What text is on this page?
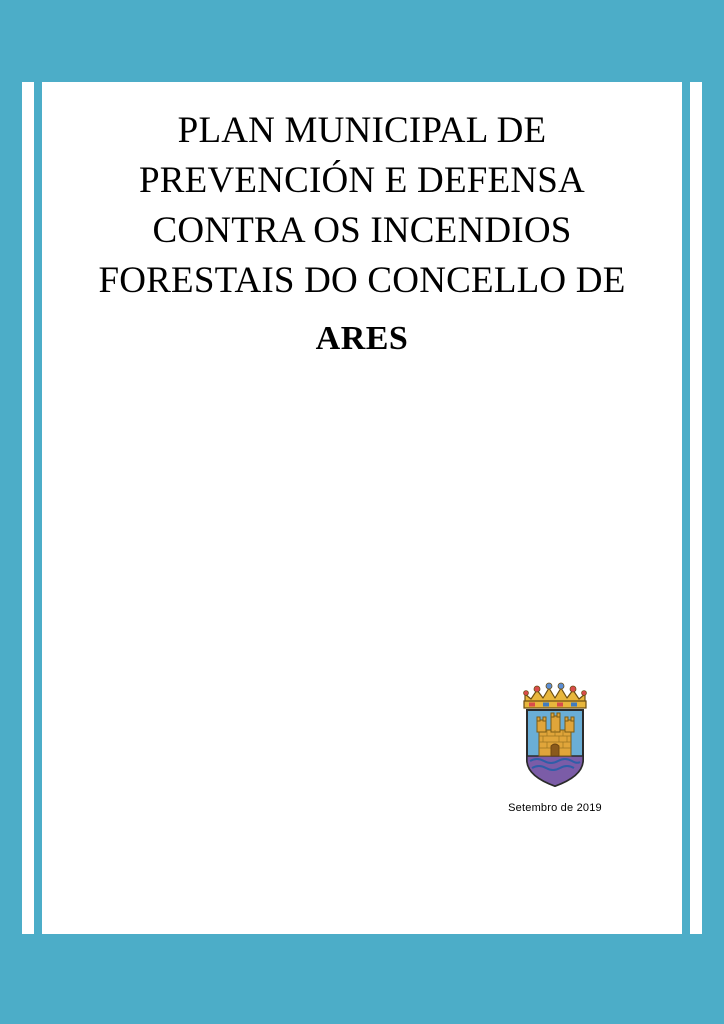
PLAN MUNICIPAL DE
PREVENCIÓN E DEFENSA
CONTRA OS INCENDIOS
FORESTAIS DO CONCELLO DE
ARES
Setembro de 2019
